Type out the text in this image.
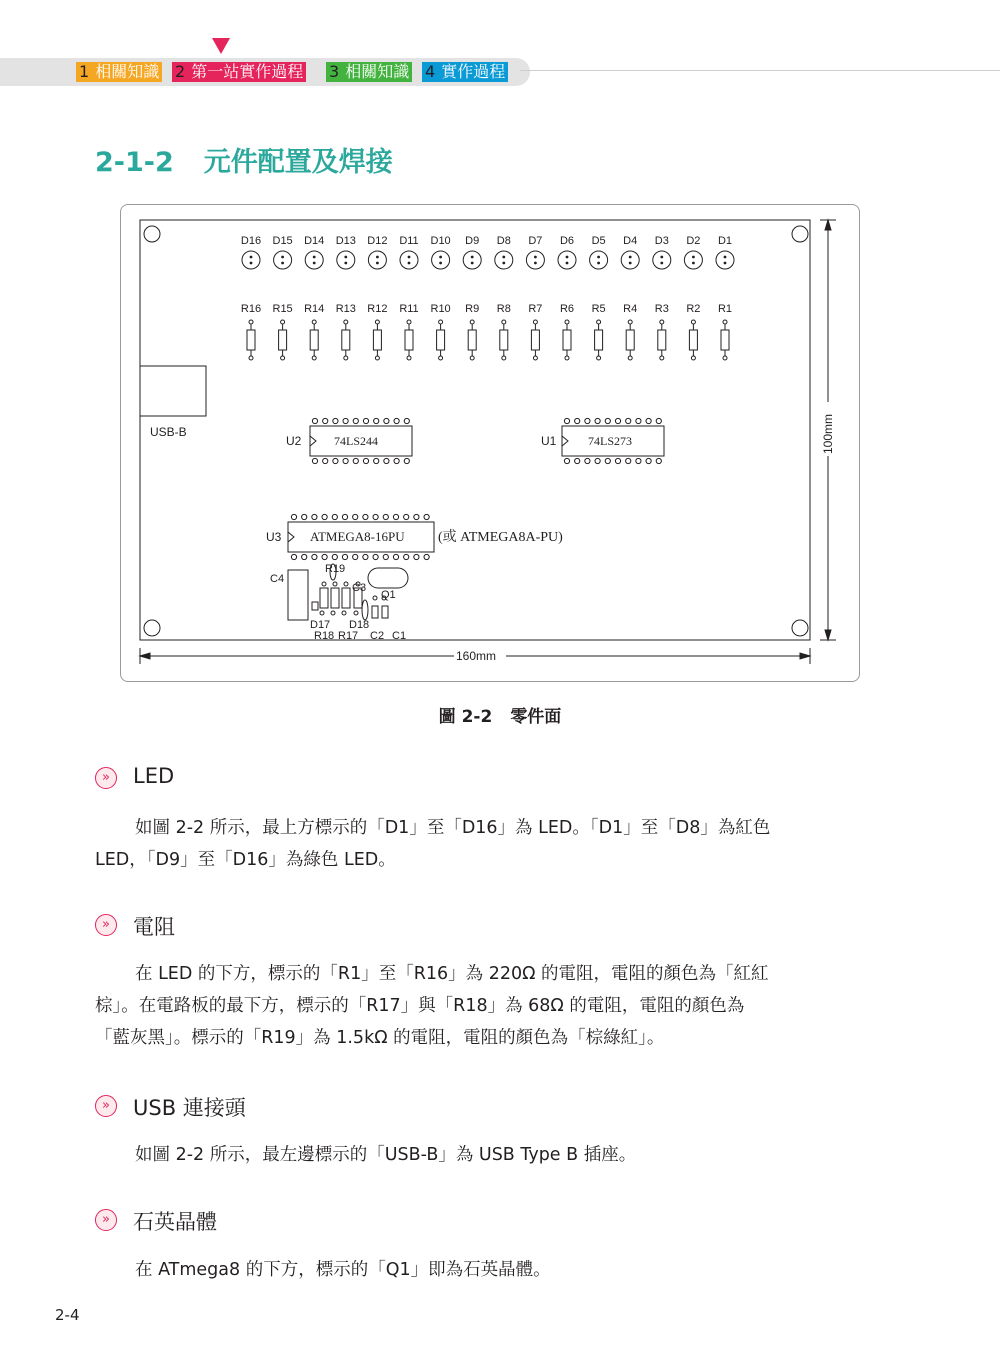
1 相關知識 2 第一站實作過程 3 相關知識 4 實作過程
2-1-2 元件配置及焊接
USB-B
U2	74LS244	U1	74LS273
U3 ATMEGA8-16PU (或 ATMEGA8A-PU)
C4
R19
C3
Q1
D17 D18
R18 R17 C2 C1
160mm
100mm
D16 D15 D14 D13 D12 D11 D10 D9 D8 D7 D6 D5 D4 D3 D2 D1
R16 R15 R14 R13 R12 R11 R10 R9 R8 R7 R6 R5 R4 R3 R2 R1
圖 2-2 零件面
»	LED
如圖 2-2 所示，最上方標示的「D1」至「D16」為 LED。「D1」至「D8」為紅色
LED，「D9」至「D16」為綠色 LED。
»	電阻
在 LED 的下方，標示的「R1」至「R16」為 220Ω 的電阻，電阻的顏色為「紅紅
棕」。在電路板的最下方，標示的「R17」與「R18」為 68Ω 的電阻，電阻的顏色為
「藍灰黑」。標示的「R19」為 1.5kΩ 的電阻，電阻的顏色為「棕綠紅」。
»	USB 連接頭
如圖 2-2 所示，最左邊標示的「USB-B」為 USB Type B 插座。
»	石英晶體
在 ATmega8 的下方，標示的「Q1」即為石英晶體。
2-4
